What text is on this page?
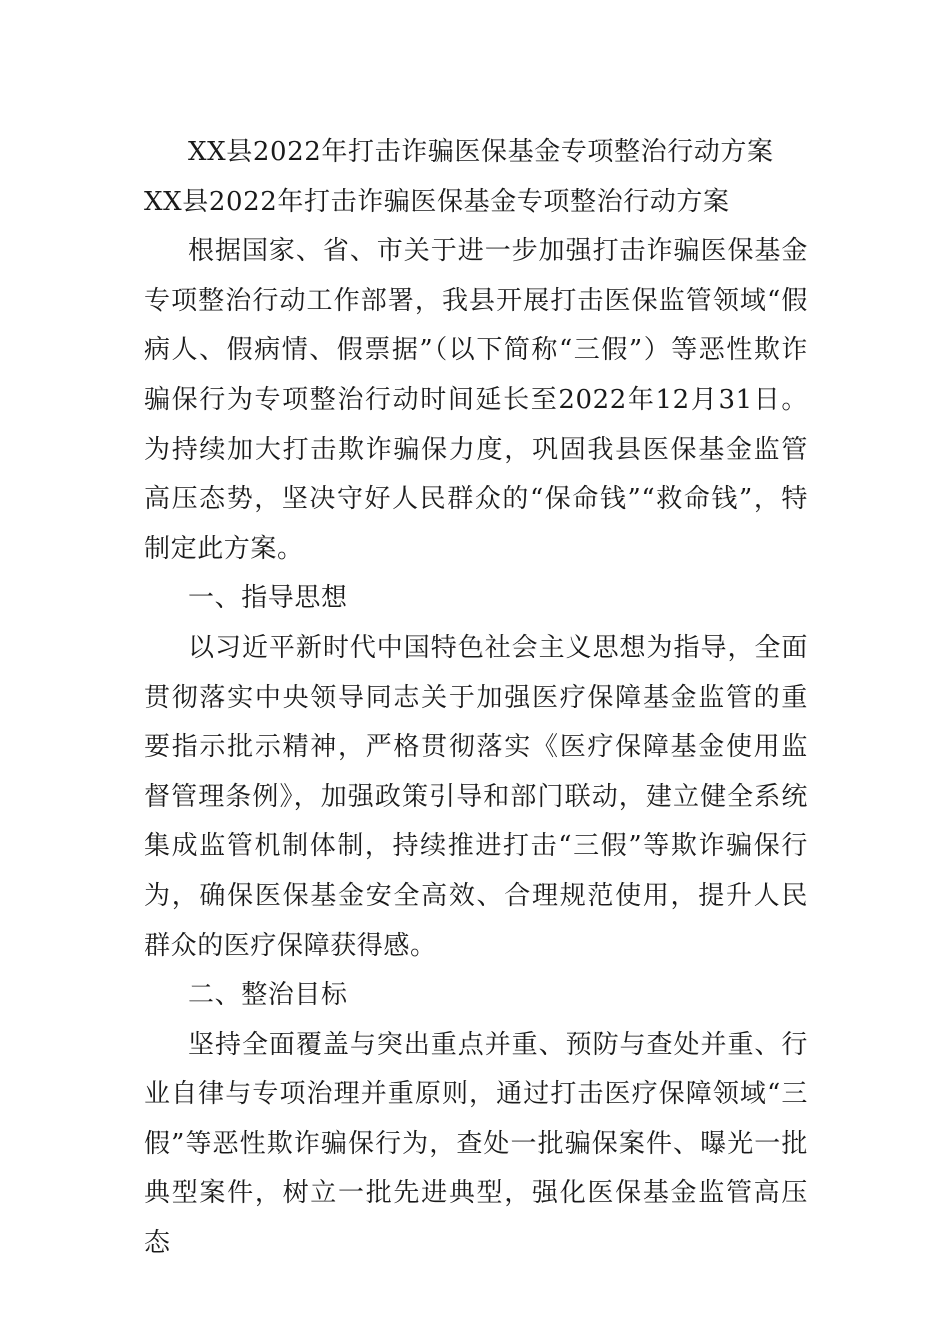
XX县2022年打击诈骗医保基金专项整治行动方案

XX县2022年打击诈骗医保基金专项整治行动方案

根据国家、省、市关于进一步加强打击诈骗医保基金专项整治行动工作部署，我县开展打击医保监管领域“假病人、假病情、假票据”（以下简称“三假”）等恶性欺诈骗保行为专项整治行动时间延长至2022年12月31日。为持续加大打击欺诈骗保力度，巩固我县医保基金监管高压态势，坚决守好人民群众的“保命钱”“救命钱”，特制定此方案。

一、指导思想

以习近平新时代中国特色社会主义思想为指导，全面贯彻落实中央领导同志关于加强医疗保障基金监管的重要指示批示精神，严格贯彻落实《医疗保障基金使用监督管理条例》，加强政策引导和部门联动，建立健全系统集成监管机制体制，持续推进打击“三假”等欺诈骗保行为，确保医保基金安全高效、合理规范使用，提升人民群众的医疗保障获得感。

二、整治目标

坚持全面覆盖与突出重点并重、预防与查处并重、行业自律与专项治理并重原则，通过打击医疗保障领域“三假”等恶性欺诈骗保行为，查处一批骗保案件、曝光一批典型案件，树立一批先进典型，强化医保基金监管高压态
